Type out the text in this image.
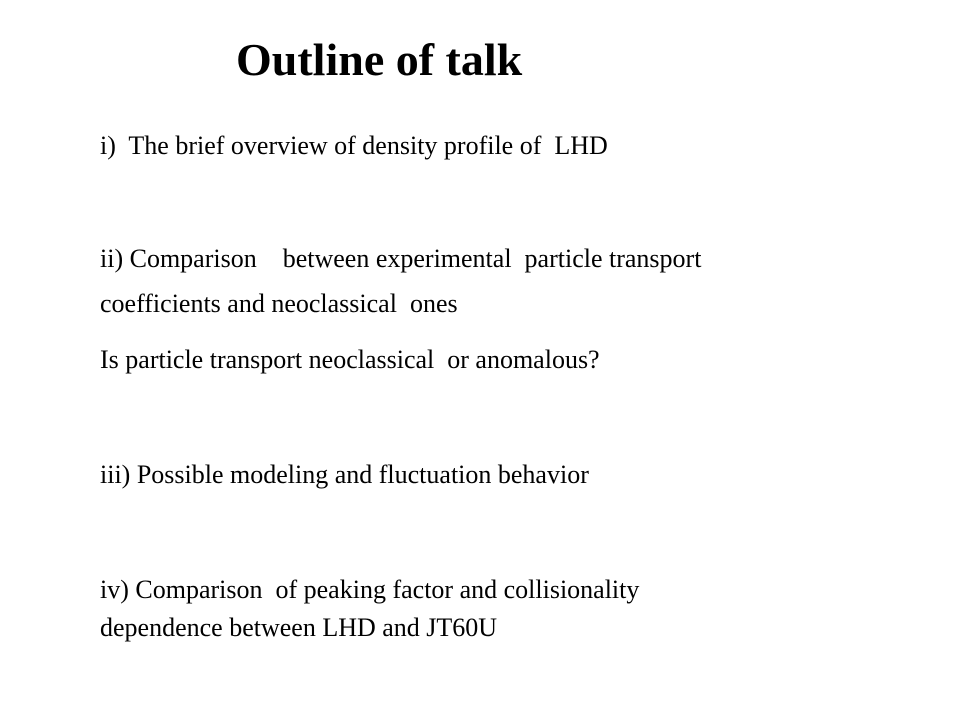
Outline of talk
i)  The brief overview of density profile of  LHD
ii) Comparison    between experimental  particle transport
coefficients and neoclassical  ones
Is particle transport neoclassical  or anomalous?
iii) Possible modeling and fluctuation behavior
iv) Comparison  of peaking factor and collisionality
dependence between LHD and JT60U
